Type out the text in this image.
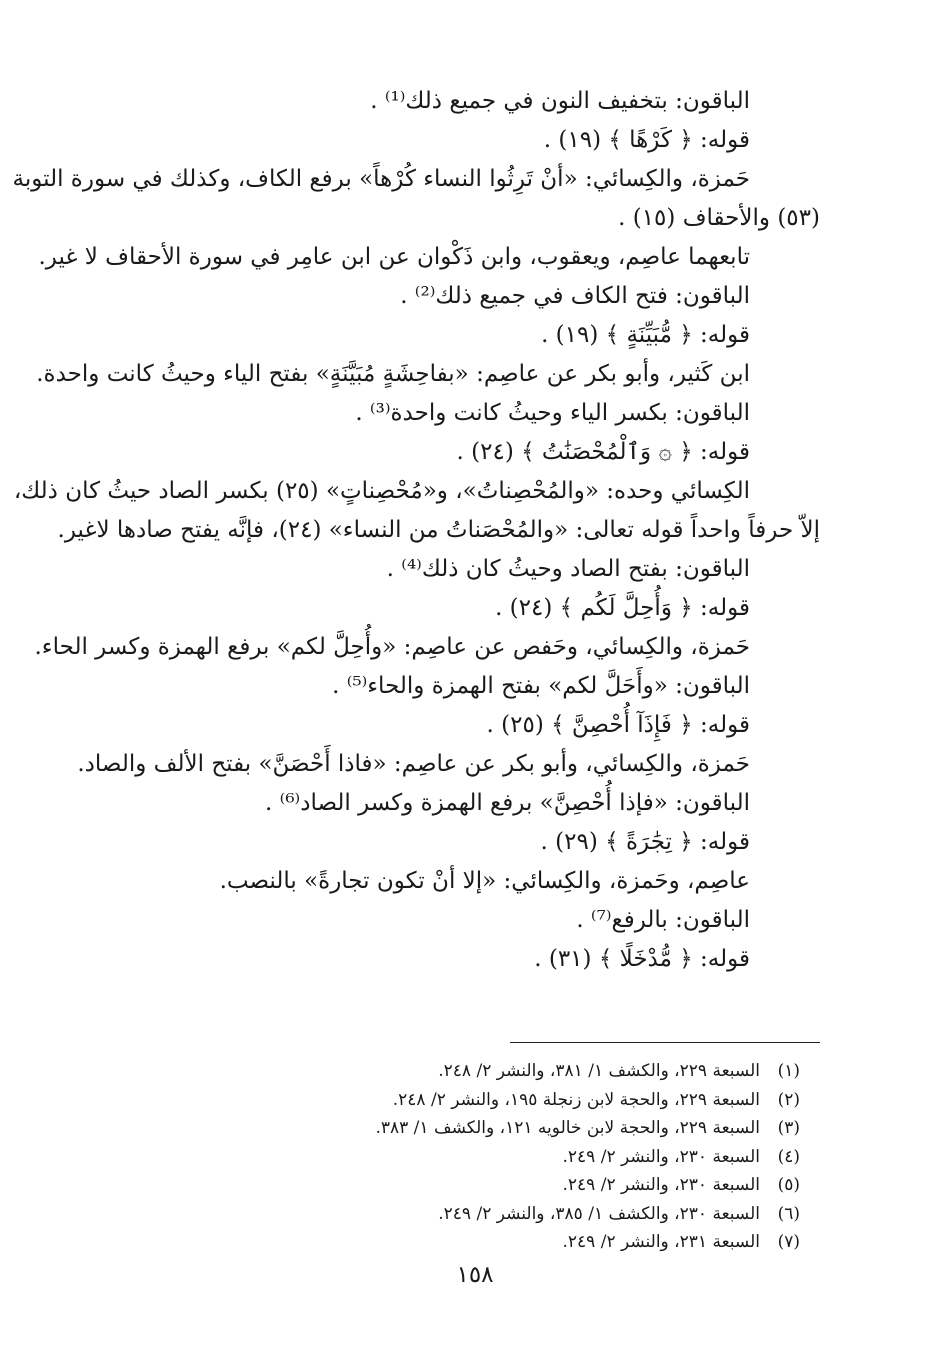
الباقون: بتخفيف النون في جميع ذلك⁽¹⁾ .
قوله: ﴿ كَرْهًا ﴾ (١٩) .
حَمزة، والكِسائي: «أنْ تَرِثُوا النساء كُرْهاً» برفع الكاف، وكذلك في سورة التوبة
(٥٣) والأحقاف (١٥) .
تابعهما عاصِم، ويعقوب، وابن ذَكْوان عن ابن عامِر في سورة الأحقاف لا غير.
الباقون: فتح الكاف في جميع ذلك⁽²⁾ .
قوله: ﴿ مُّبَيِّنَةٍ ﴾ (١٩) .
ابن كَثير، وأبو بكر عن عاصِم: «بفاحِشَةٍ مُبَيَّنَةٍ» بفتح الياء وحيثُ كانت واحدة.
الباقون: بكسر الياء وحيثُ كانت واحدة⁽³⁾ .
قوله: ﴿ ۞ وَٱلْمُحْصَنَٰتُ ﴾ (٢٤) .
الكِسائي وحده: «والمُحْصِناتُ»، و«مُحْصِناتٍ» (٢٥) بكسر الصاد حيثُ كان ذلك،
إلاّ حرفاً واحداً قوله تعالى: «والمُحْصَناتُ من النساء» (٢٤)، فإنَّه يفتح صادها لاغير.
الباقون: بفتح الصاد وحيثُ كان ذلك⁽⁴⁾ .
قوله: ﴿ وَأُحِلَّ لَكُم ﴾ (٢٤) .
حَمزة، والكِسائي، وحَفص عن عاصِم: «وأُحِلَّ لكم» برفع الهمزة وكسر الحاء.
الباقون: «وأَحَلَّ لكم» بفتح الهمزة والحاء⁽⁵⁾ .
قوله: ﴿ فَإِذَآ أُحْصِنَّ ﴾ (٢٥) .
حَمزة، والكِسائي، وأبو بكر عن عاصِم: «فاذا أَحْصَنَّ» بفتح الألف والصاد.
الباقون: «فإذا أُحْصِنَّ» برفع الهمزة وكسر الصاد⁽⁶⁾ .
قوله: ﴿ تِجَٰرَةً ﴾ (٢٩) .
عاصِم، وحَمزة، والكِسائي: «إلا أنْ تكون تجارةً» بالنصب.
الباقون: بالرفع⁽⁷⁾ .
قوله: ﴿ مُّدْخَلًا ﴾ (٣١) .
(١)السبعة ٢٢٩، والكشف ١/ ٣٨١، والنشر ٢/ ٢٤٨.
(٢)السبعة ٢٢٩، والحجة لابن زنجلة ١٩٥، والنشر ٢/ ٢٤٨.
(٣)السبعة ٢٢٩، والحجة لابن خالويه ١٢١، والكشف ١/ ٣٨٣.
(٤)السبعة ٢٣٠، والنشر ٢/ ٢٤٩.
(٥)السبعة ٢٣٠، والنشر ٢/ ٢٤٩.
(٦)السبعة ٢٣٠، والكشف ١/ ٣٨٥، والنشر ٢/ ٢٤٩.
(٧)السبعة ٢٣١، والنشر ٢/ ٢٤٩.
١٥٨
